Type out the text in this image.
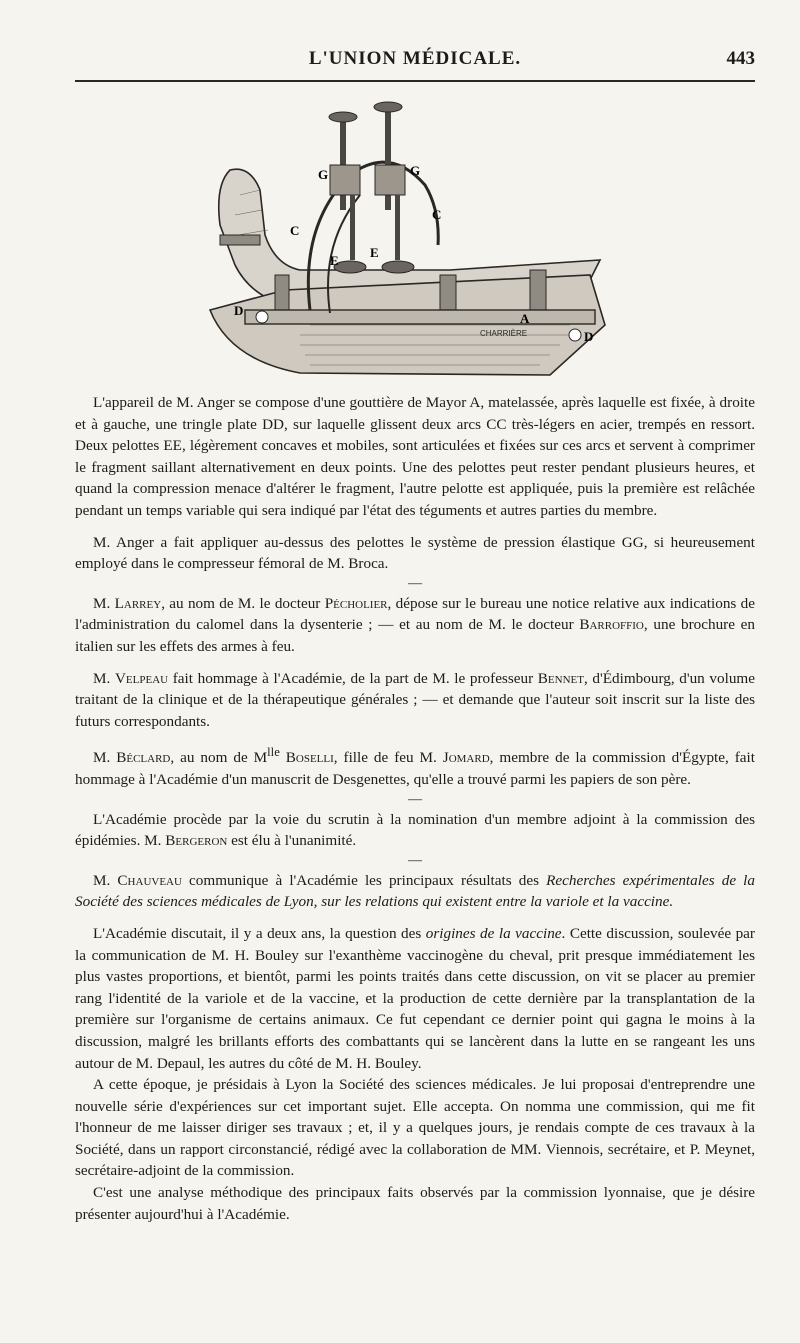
L'UNION MÉDICALE.	443
G	G
C
C
E
E
A
D
D
CHARRIÈRE

L'appareil de M. Anger se compose d'une gouttière de Mayor A, matelassée, après laquelle est fixée, à droite et à gauche, une tringle plate DD, sur laquelle glissent deux arcs CC très-légers en acier, trempés en ressort. Deux pelottes EE, légèrement concaves et mobiles, sont articulées et fixées sur ces arcs et servent à comprimer le fragment saillant alternativement en deux points. Une des pelottes peut rester pendant plusieurs heures, et quand la compression menace d'altérer le fragment, l'autre pelotte est appliquée, puis la première est relâchée pendant un temps variable qui sera indiqué par l'état des téguments et autres parties du membre.

M. Anger a fait appliquer au-dessus des pelottes le système de pression élastique GG, si heureusement employé dans le compresseur fémoral de M. Broca.

—

M. Larrey, au nom de M. le docteur Pécholier, dépose sur le bureau une notice relative aux indications de l'administration du calomel dans la dysenterie ; — et au nom de M. le docteur Barroffio, une brochure en italien sur les effets des armes à feu.

M. Velpeau fait hommage à l'Académie, de la part de M. le professeur Bennet, d'Édimbourg, d'un volume traitant de la clinique et de la thérapeutique générales ; — et demande que l'auteur soit inscrit sur la liste des futurs correspondants.

M. Béclard, au nom de $M^{lle}$ Boselli, fille de feu M. Jomard, membre de la commission d'Égypte, fait hommage à l'Académie d'un manuscrit de Desgenettes, qu'elle a trouvé parmi les papiers de son père.

—

L'Académie procède par la voie du scrutin à la nomination d'un membre adjoint à la commission des épidémies. M. Bergeron est élu à l'unanimité.

—

M. Chauveau communique à l'Académie les principaux résultats des Recherches expérimentales de la Société des sciences médicales de Lyon, sur les relations qui existent entre la variole et la vaccine.

L'Académie discutait, il y a deux ans, la question des origines de la vaccine. Cette discussion, soulevée par la communication de M. H. Bouley sur l'exanthème vaccinogène du cheval, prit presque immédiatement les plus vastes proportions, et bientôt, parmi les points traités dans cette discussion, on vit se placer au premier rang l'identité de la variole et de la vaccine, et la production de cette dernière par la transplantation de la première sur l'organisme de certains animaux. Ce fut cependant ce dernier point qui gagna le moins à la discussion, malgré les brillants efforts des combattants qui se lancèrent dans la lutte en se rangeant les uns autour de M. Depaul, les autres du côté de M. H. Bouley.

A cette époque, je présidais à Lyon la Société des sciences médicales. Je lui proposai d'entreprendre une nouvelle série d'expériences sur cet important sujet. Elle accepta. On nomma une commission, qui me fit l'honneur de me laisser diriger ses travaux ; et, il y a quelques jours, je rendais compte de ces travaux à la Société, dans un rapport circonstancié, rédigé avec la collaboration de MM. Viennois, secrétaire, et P. Meynet, secrétaire-adjoint de la commission.

C'est une analyse méthodique des principaux faits observés par la commission lyonnaise, que je désire présenter aujourd'hui à l'Académie.
